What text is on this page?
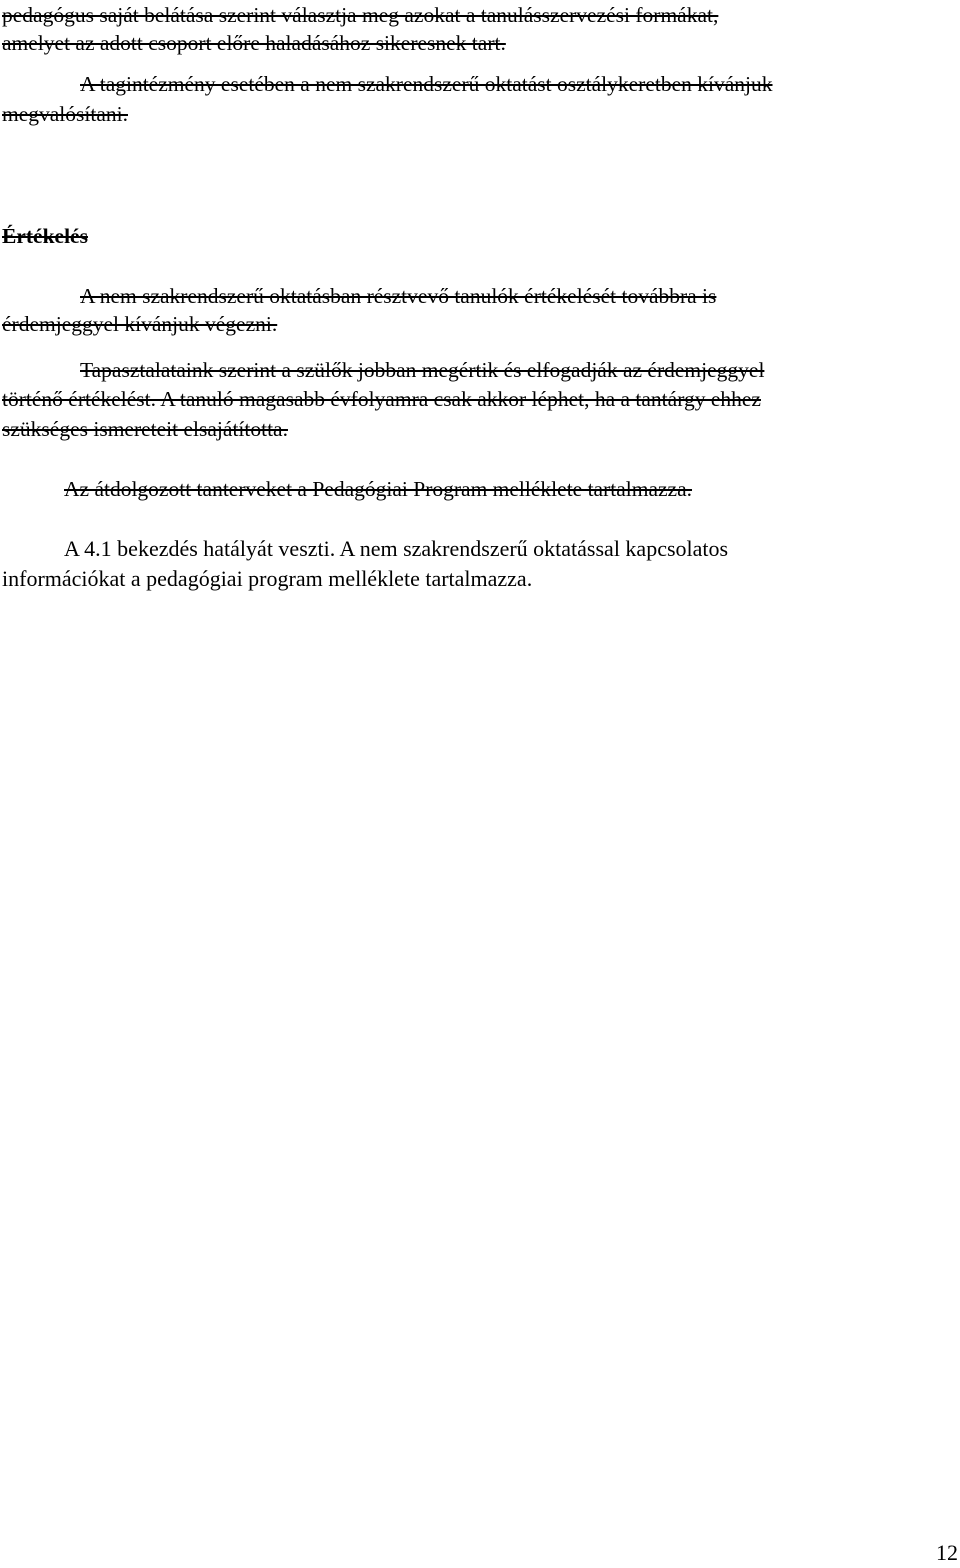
pedagógus saját belátása szerint választja meg azokat a tanulásszervezési formákat,
amelyet az adott csoport előre haladásához sikeresnek tart.
A tagintézmény esetében a nem szakrendszerű oktatást osztálykeretben kívánjuk
megvalósítani.
Értékelés
A nem szakrendszerű oktatásban résztvevő tanulók értékelését továbbra is
érdemjeggyel kívánjuk végezni.
Tapasztalataink szerint a szülők jobban megértik és elfogadják az érdemjeggyel
történő értékelést. A tanuló magasabb évfolyamra csak akkor léphet, ha a tantárgy ehhez
szükséges ismereteit elsajátította.
Az átdolgozott tanterveket a Pedagógiai Program melléklete tartalmazza.
A 4.1 bekezdés hatályát veszti. A nem szakrendszerű oktatással kapcsolatos
információkat a pedagógiai program melléklete tartalmazza.
12
